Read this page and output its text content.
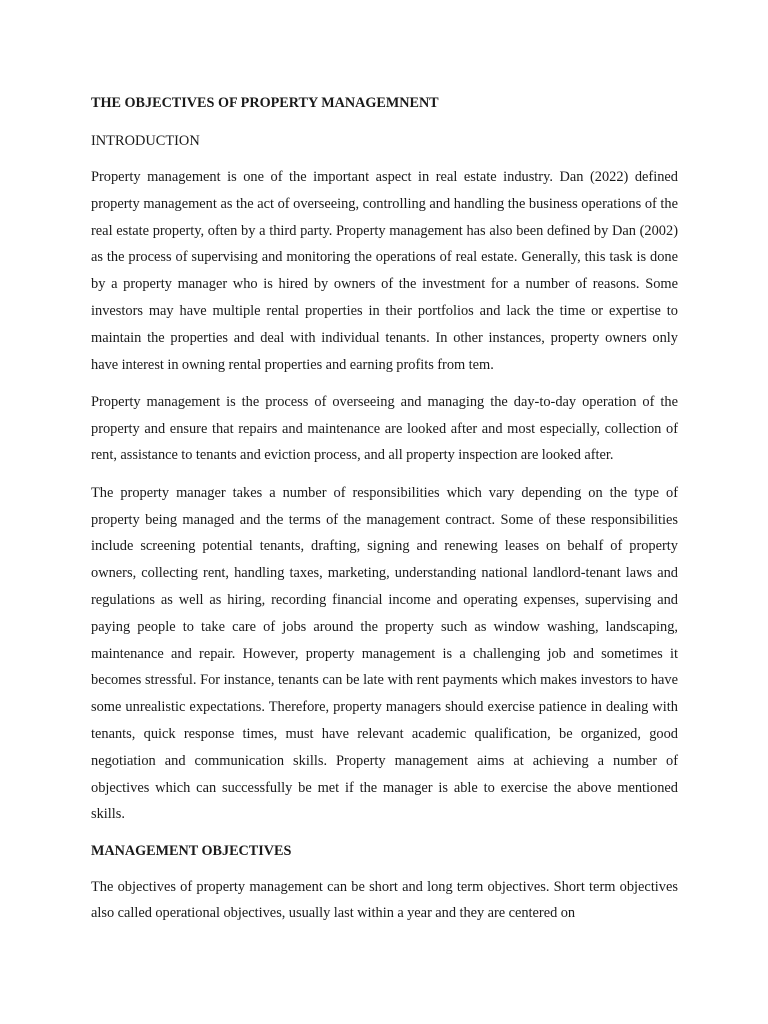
THE OBJECTIVES OF PROPERTY MANAGEMNENT
INTRODUCTION

Property management is one of the important aspect in real estate industry. Dan (2022) defined property management as the act of overseeing, controlling and handling the business operations of the real estate property, often by a third party. Property management has also been defined by Dan (2002) as the process of supervising and monitoring the operations of real estate. Generally, this task is done by a property manager who is hired by owners of the investment for a number of reasons. Some investors may have multiple rental properties in their portfolios and lack the time or expertise to maintain the properties and deal with individual tenants. In other instances, property owners only have interest in owning rental properties and earning profits from tem.

Property management is the process of overseeing and managing the day-to-day operation of the property and ensure that repairs and maintenance are looked after and most especially, collection of rent, assistance to tenants and eviction process, and all property inspection are looked after.

The property manager takes a number of responsibilities which vary depending on the type of property being managed and the terms of the management contract. Some of these responsibilities include screening potential tenants, drafting, signing and renewing leases on behalf of property owners, collecting rent, handling taxes, marketing, understanding national landlord-tenant laws and regulations as well as hiring, recording financial income and operating expenses, supervising and paying people to take care of jobs around the property such as window washing, landscaping, maintenance and repair. However, property management is a challenging job and sometimes it becomes stressful. For instance, tenants can be late with rent payments which makes investors to have some unrealistic expectations. Therefore, property managers should exercise patience in dealing with tenants, quick response times, must have relevant academic qualification, be organized, good negotiation and communication skills. Property management aims at achieving a number of objectives which can successfully be met if the manager is able to exercise the above mentioned skills.

MANAGEMENT OBJECTIVES

The objectives of property management can be short and long term objectives. Short term objectives also called operational objectives, usually last within a year and they are centered on
